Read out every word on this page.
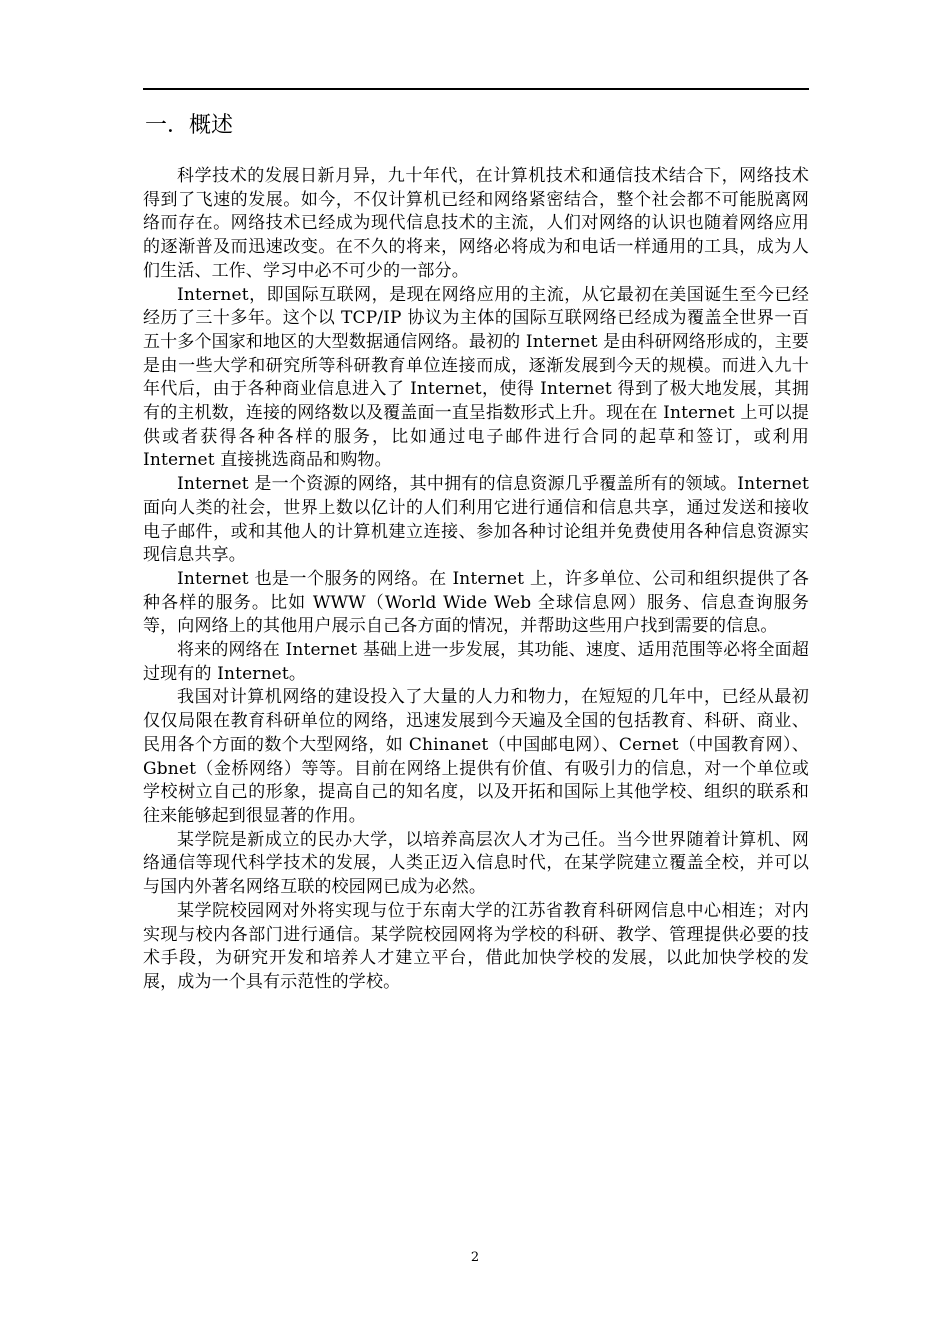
一．概述

科学技术的发展日新月异，九十年代，在计算机技术和通信技术结合下，网络技术得到了飞速的发展。如今，不仅计算机已经和网络紧密结合，整个社会都不可能脱离网络而存在。网络技术已经成为现代信息技术的主流，人们对网络的认识也随着网络应用的逐渐普及而迅速改变。在不久的将来，网络必将成为和电话一样通用的工具，成为人们生活、工作、学习中必不可少的一部分。

Internet，即国际互联网，是现在网络应用的主流，从它最初在美国诞生至今已经经历了三十多年。这个以 TCP/IP 协议为主体的国际互联网络已经成为覆盖全世界一百五十多个国家和地区的大型数据通信网络。最初的 Internet 是由科研网络形成的，主要是由一些大学和研究所等科研教育单位连接而成，逐渐发展到今天的规模。而进入九十年代后，由于各种商业信息进入了 Internet，使得 Internet 得到了极大地发展，其拥有的主机数，连接的网络数以及覆盖面一直呈指数形式上升。现在在 Internet 上可以提供或者获得各种各样的服务，比如通过电子邮件进行合同的起草和签订，或利用 Internet 直接挑选商品和购物。

Internet 是一个资源的网络，其中拥有的信息资源几乎覆盖所有的领域。Internet 面向人类的社会，世界上数以亿计的人们利用它进行通信和信息共享，通过发送和接收电子邮件，或和其他人的计算机建立连接、参加各种讨论组并免费使用各种信息资源实现信息共享。

Internet 也是一个服务的网络。在 Internet 上，许多单位、公司和组织提供了各种各样的服务。比如 WWW（World Wide Web 全球信息网）服务、信息查询服务等，向网络上的其他用户展示自己各方面的情况，并帮助这些用户找到需要的信息。

将来的网络在 Internet 基础上进一步发展，其功能、速度、适用范围等必将全面超过现有的 Internet。

我国对计算机网络的建设投入了大量的人力和物力，在短短的几年中，已经从最初仅仅局限在教育科研单位的网络，迅速发展到今天遍及全国的包括教育、科研、商业、民用各个方面的数个大型网络，如 Chinanet（中国邮电网）、Cernet（中国教育网）、Gbnet（金桥网络）等等。目前在网络上提供有价值、有吸引力的信息，对一个单位或学校树立自己的形象，提高自己的知名度，以及开拓和国际上其他学校、组织的联系和往来能够起到很显著的作用。

某学院是新成立的民办大学，以培养高层次人才为己任。当今世界随着计算机、网络通信等现代科学技术的发展，人类正迈入信息时代，在某学院建立覆盖全校，并可以与国内外著名网络互联的校园网已成为必然。

某学院校园网对外将实现与位于东南大学的江苏省教育科研网信息中心相连；对内实现与校内各部门进行通信。某学院校园网将为学校的科研、教学、管理提供必要的技术手段，为研究开发和培养人才建立平台，借此加快学校的发展，以此加快学校的发展，成为一个具有示范性的学校。

2
